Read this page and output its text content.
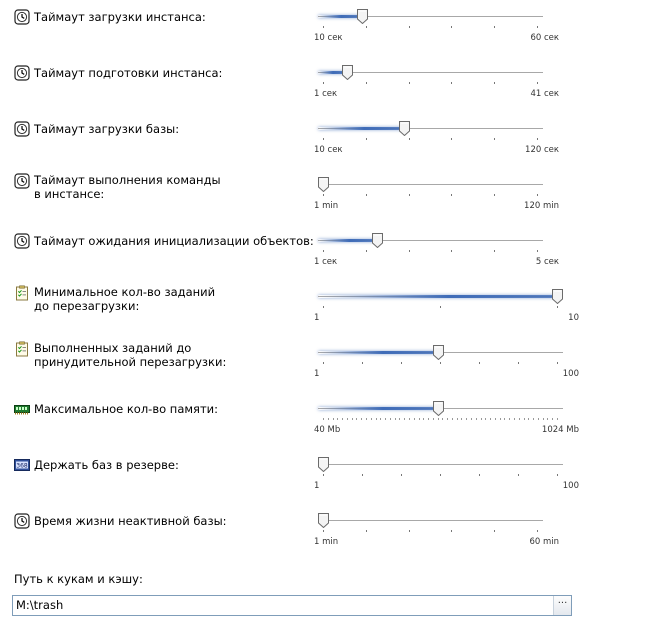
Таймаут загрузки инстанса:
10 сек	60 сек
Таймаут подготовки инстанса:
1 сек	41 сек
Таймаут загрузки базы:
10 сек	120 сек
Таймаут выполнения команды
в инстансе:
1 min	120 min
Таймаут ожидания инициализации объектов:
1 сек	5 сек
Минимальное кол-во заданий
до перезагрузки:
1	10
Выполненных заданий до
принудительной перезагрузки:
1	100
Максимальное кол-во памяти:
40 Mb	1024 Mb
368 Держать баз в резерве:
1	100
Время жизни неактивной базы:
1 min	60 min
Путь к кукам и кэшу:
M:\trash
···
